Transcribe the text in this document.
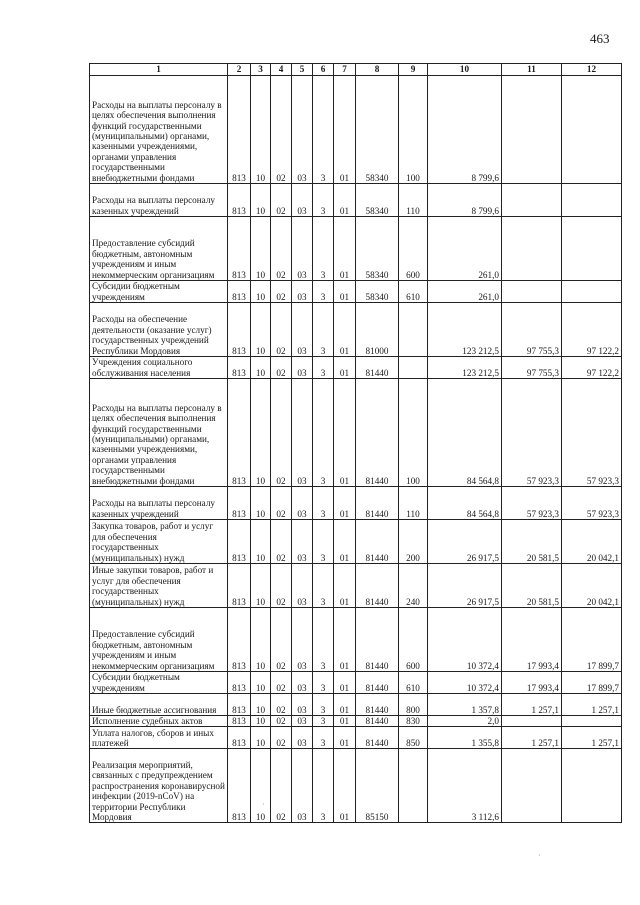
463
1	2	3	4	5	6	7	8	9	10	11	12
Расходы на выплаты персоналу в целях обеспечения выполнения функций государственными (муниципальными) органами, казенными учреждениями, органами управления государственными внебюджетными фондами	813	10	02	03	3	01	58340	100	8 799,6		
Расходы на выплаты персоналу казенных учреждений	813	10	02	03	3	01	58340	110	8 799,6		
Предоставление субсидий бюджетным, автономным учреждениям и иным некоммерческим организациям	813	10	02	03	3	01	58340	600	261,0		
Субсидии бюджетным учреждениям	813	10	02	03	3	01	58340	610	261,0		
Расходы на обеспечение деятельности (оказание услуг) государственных учреждений Республики Мордовия	813	10	02	03	3	01	81000		123 212,5	97 755,3	97 122,2
Учреждения социального обслуживания населения	813	10	02	03	3	01	81440		123 212,5	97 755,3	97 122,2
Расходы на выплаты персоналу в целях обеспечения выполнения функций государственными (муниципальными) органами, казенными учреждениями, органами управления государственными внебюджетными фондами	813	10	02	03	3	01	81440	100	84 564,8	57 923,3	57 923,3
Расходы на выплаты персоналу казенных учреждений	813	10	02	03	3	01	81440	110	84 564,8	57 923,3	57 923,3
Закупка товаров, работ и услуг для обеспечения государственных (муниципальных) нужд	813	10	02	03	3	01	81440	200	26 917,5	20 581,5	20 042,1
Иные закупки товаров, работ и услуг для обеспечения государственных (муниципальных) нужд	813	10	02	03	3	01	81440	240	26 917,5	20 581,5	20 042,1
Предоставление субсидий бюджетным, автономным учреждениям и иным некоммерческим организациям	813	10	02	03	3	01	81440	600	10 372,4	17 993,4	17 899,7
Субсидии бюджетным учреждениям	813	10	02	03	3	01	81440	610	10 372,4	17 993,4	17 899,7
Иные бюджетные ассигнования	813	10	02	03	3	01	81440	800	1 357,8	1 257,1	1 257,1
Исполнение судебных актов	813	10	02	03	3	01	81440	830	2,0		
Уплата налогов, сборов и иных платежей	813	10	02	03	3	01	81440	850	1 355,8	1 257,1	1 257,1
Реализация мероприятий, связанных с предупреждением распространения коронавирусной инфекции (2019-nCoV) на территории Республики Мордовия	813	10	02	03	3	01	85150		3 112,6		
·
·
